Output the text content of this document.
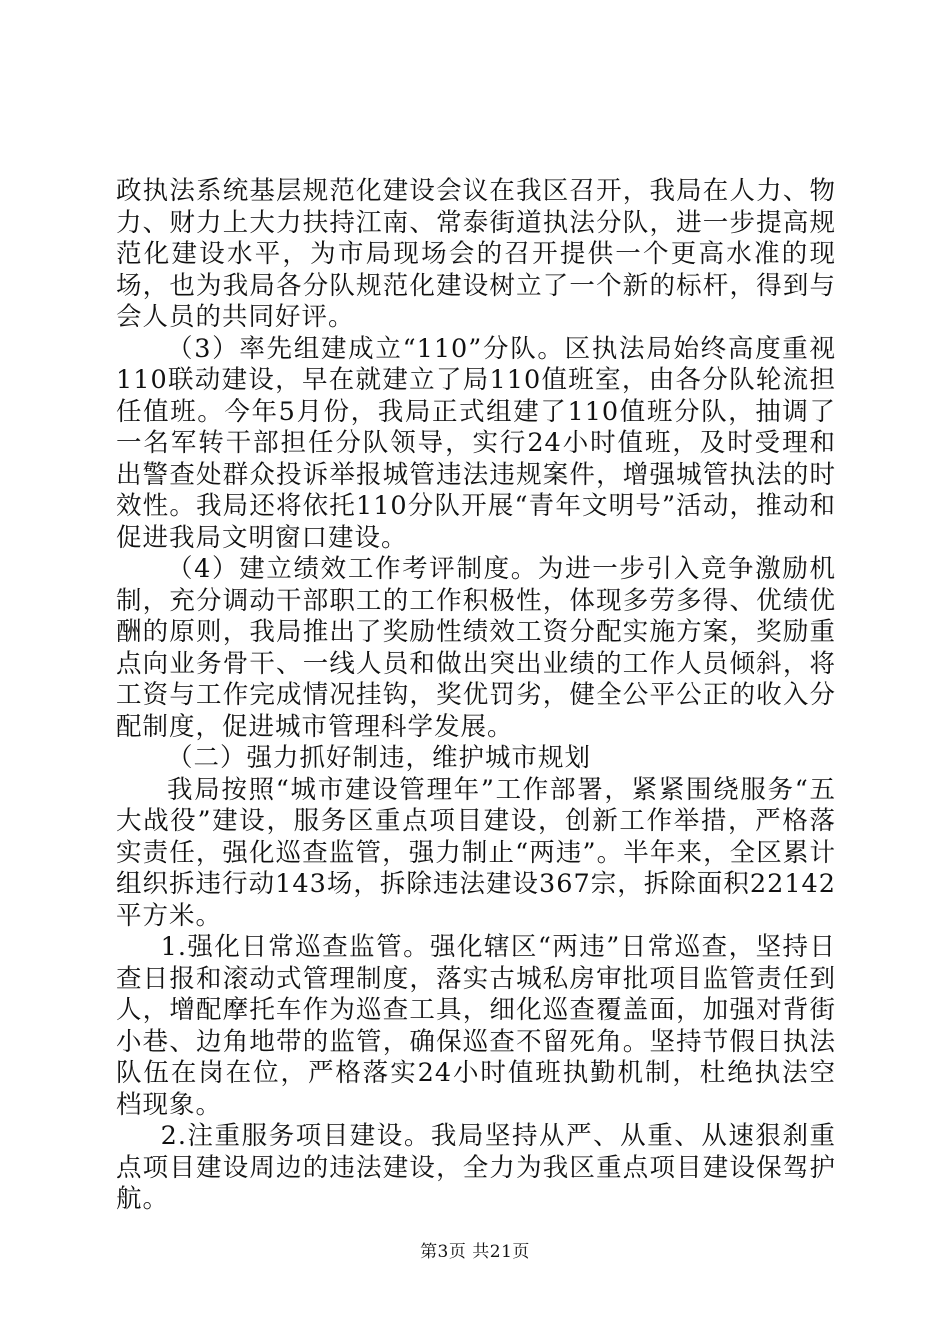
政执法系统基层规范化建设会议在我区召开，我局在人力、物力、财力上大力扶持江南、常泰街道执法分队，进一步提高规范化建设水平，为市局现场会的召开提供一个更高水准的现场，也为我局各分队规范化建设树立了一个新的标杆，得到与会人员的共同好评。

（3）率先组建成立“110”分队。区执法局始终高度重视110联动建设，早在就建立了局110值班室，由各分队轮流担任值班。今年5月份，我局正式组建了110值班分队，抽调了一名军转干部担任分队领导，实行24小时值班，及时受理和出警查处群众投诉举报城管违法违规案件，增强城管执法的时效性。我局还将依托110分队开展“青年文明号”活动，推动和促进我局文明窗口建设。

（4）建立绩效工作考评制度。为进一步引入竞争激励机制，充分调动干部职工的工作积极性，体现多劳多得、优绩优酬的原则，我局推出了奖励性绩效工资分配实施方案，奖励重点向业务骨干、一线人员和做出突出业绩的工作人员倾斜，将工资与工作完成情况挂钩，奖优罚劣，健全公平公正的收入分配制度，促进城市管理科学发展。

（二）强力抓好制违，维护城市规划

我局按照“城市建设管理年”工作部署，紧紧围绕服务“五大战役”建设，服务区重点项目建设，创新工作举措，严格落实责任，强化巡查监管，强力制止“两违”。半年来，全区累计组织拆违行动143场，拆除违法建设367宗，拆除面积22142平方米。

1.强化日常巡查监管。强化辖区“两违”日常巡查，坚持日查日报和滚动式管理制度，落实古城私房审批项目监管责任到人，增配摩托车作为巡查工具，细化巡查覆盖面，加强对背街小巷、边角地带的监管，确保巡查不留死角。坚持节假日执法队伍在岗在位，严格落实24小时值班执勤机制，杜绝执法空档现象。

2.注重服务项目建设。我局坚持从严、从重、从速狠刹重点项目建设周边的违法建设，全力为我区重点项目建设保驾护航。

第3页 共21页
